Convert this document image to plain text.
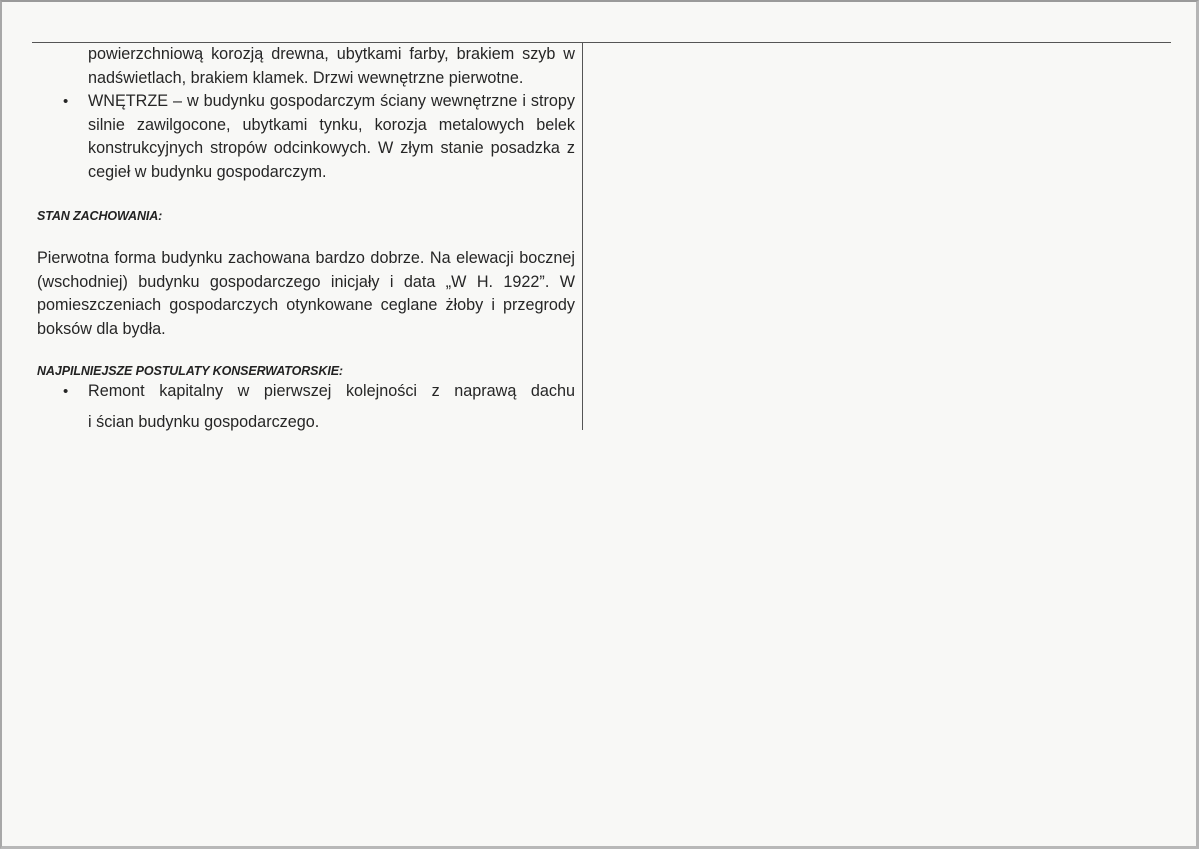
powierzchniową korozją drewna, ubytkami farby, brakiem szyb w nadświetlach, brakiem klamek. Drzwi wewnętrzne pierwotne.

• WNĘTRZE – w budynku gospodarczym ściany wewnętrzne i stropy silnie zawilgocone, ubytkami tynku, korozja metalowych belek konstrukcyjnych stropów odcinkowych. W złym stanie posadzka z cegieł w budynku gospodarczym.

STAN ZACHOWANIA:

Pierwotna forma budynku zachowana bardzo dobrze. Na elewacji bocznej (wschodniej) budynku gospodarczego inicjały i data „W H. 1922”. W pomieszczeniach gospodarczych otynkowane ceglane żłoby i przegrody boksów dla bydła.

NAJPILNIEJSZE POSTULATY KONSERWATORSKIE:

• Remont kapitalny w pierwszej kolejności z naprawą dachu
i ścian budynku gospodarczego.
